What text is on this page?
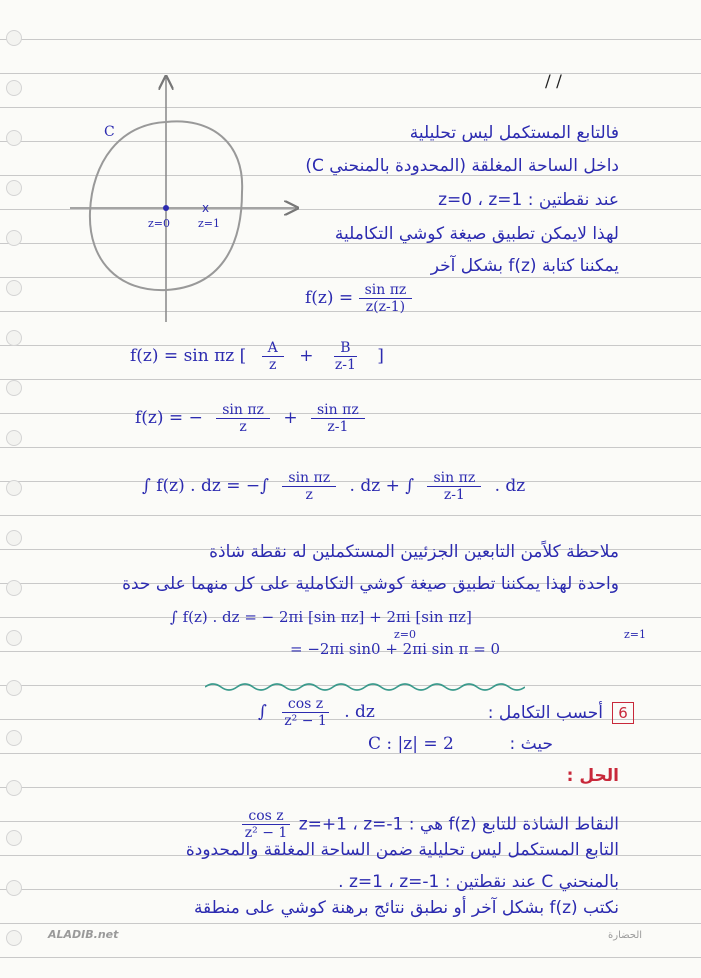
/ /
x
C
z=0	z=1
فالتابع المستكمل ليس تحليلية
داخل الساحة المغلقة (المحدودة بالمنحني C)
عند نقطتين : z=0 ، z=1
لهذا لايمكن تطبيق صيغة كوشي التكاملية
يمكننا كتابة f(z) بشكل آخر
$f(z) = \frac{\text{sin πz}}{z(z-1)}$
f(z) = sin πz [ $\frac{A}{z} + \frac{B}{z-1}$ ]
f(z) = − $\frac{\text{sin πz}}{z} + \frac{\text{sin πz}}{z-1}$
∫ f(z) . dz = −∫ $\frac{\text{sin πz}}{z}$ . dz + ∫ $\frac{\text{sin πz}}{z-1}$ . dz
ملاحظة كلاًمن التابعين الجزئيين المستكملين له نقطة شاذة
واحدة لهذا يمكننا تطبيق صيغة كوشي التكاملية على كل منهما على حدة
∫ f(z) . dz = − 2πi [sin πz] + 2πi [sin πz]
z=0	z=1
= −2πi sin0 + 2πi sin π = 0
6
أحسب التكامل :
∫ $\frac{\text{cos z}}{\text{z² − 1}}$ . dz
حيث :
C : |z| = 2
الحل :
النقاط الشاذة للتابع f(z) هي : z=+1 ، z=-1
$\frac{\text{cos z}}{\text{z² − 1}}$
التابع المستكمل ليس تحليلية ضمن الساحة المغلقة والمحدودة
بالمنحني C عند نقطتين : z=1 ، z=-1 .
نكتب f(z) بشكل آخر أو نطبق نتائج برهنة كوشي على منطقة
ALADIB.net	الحضارة
